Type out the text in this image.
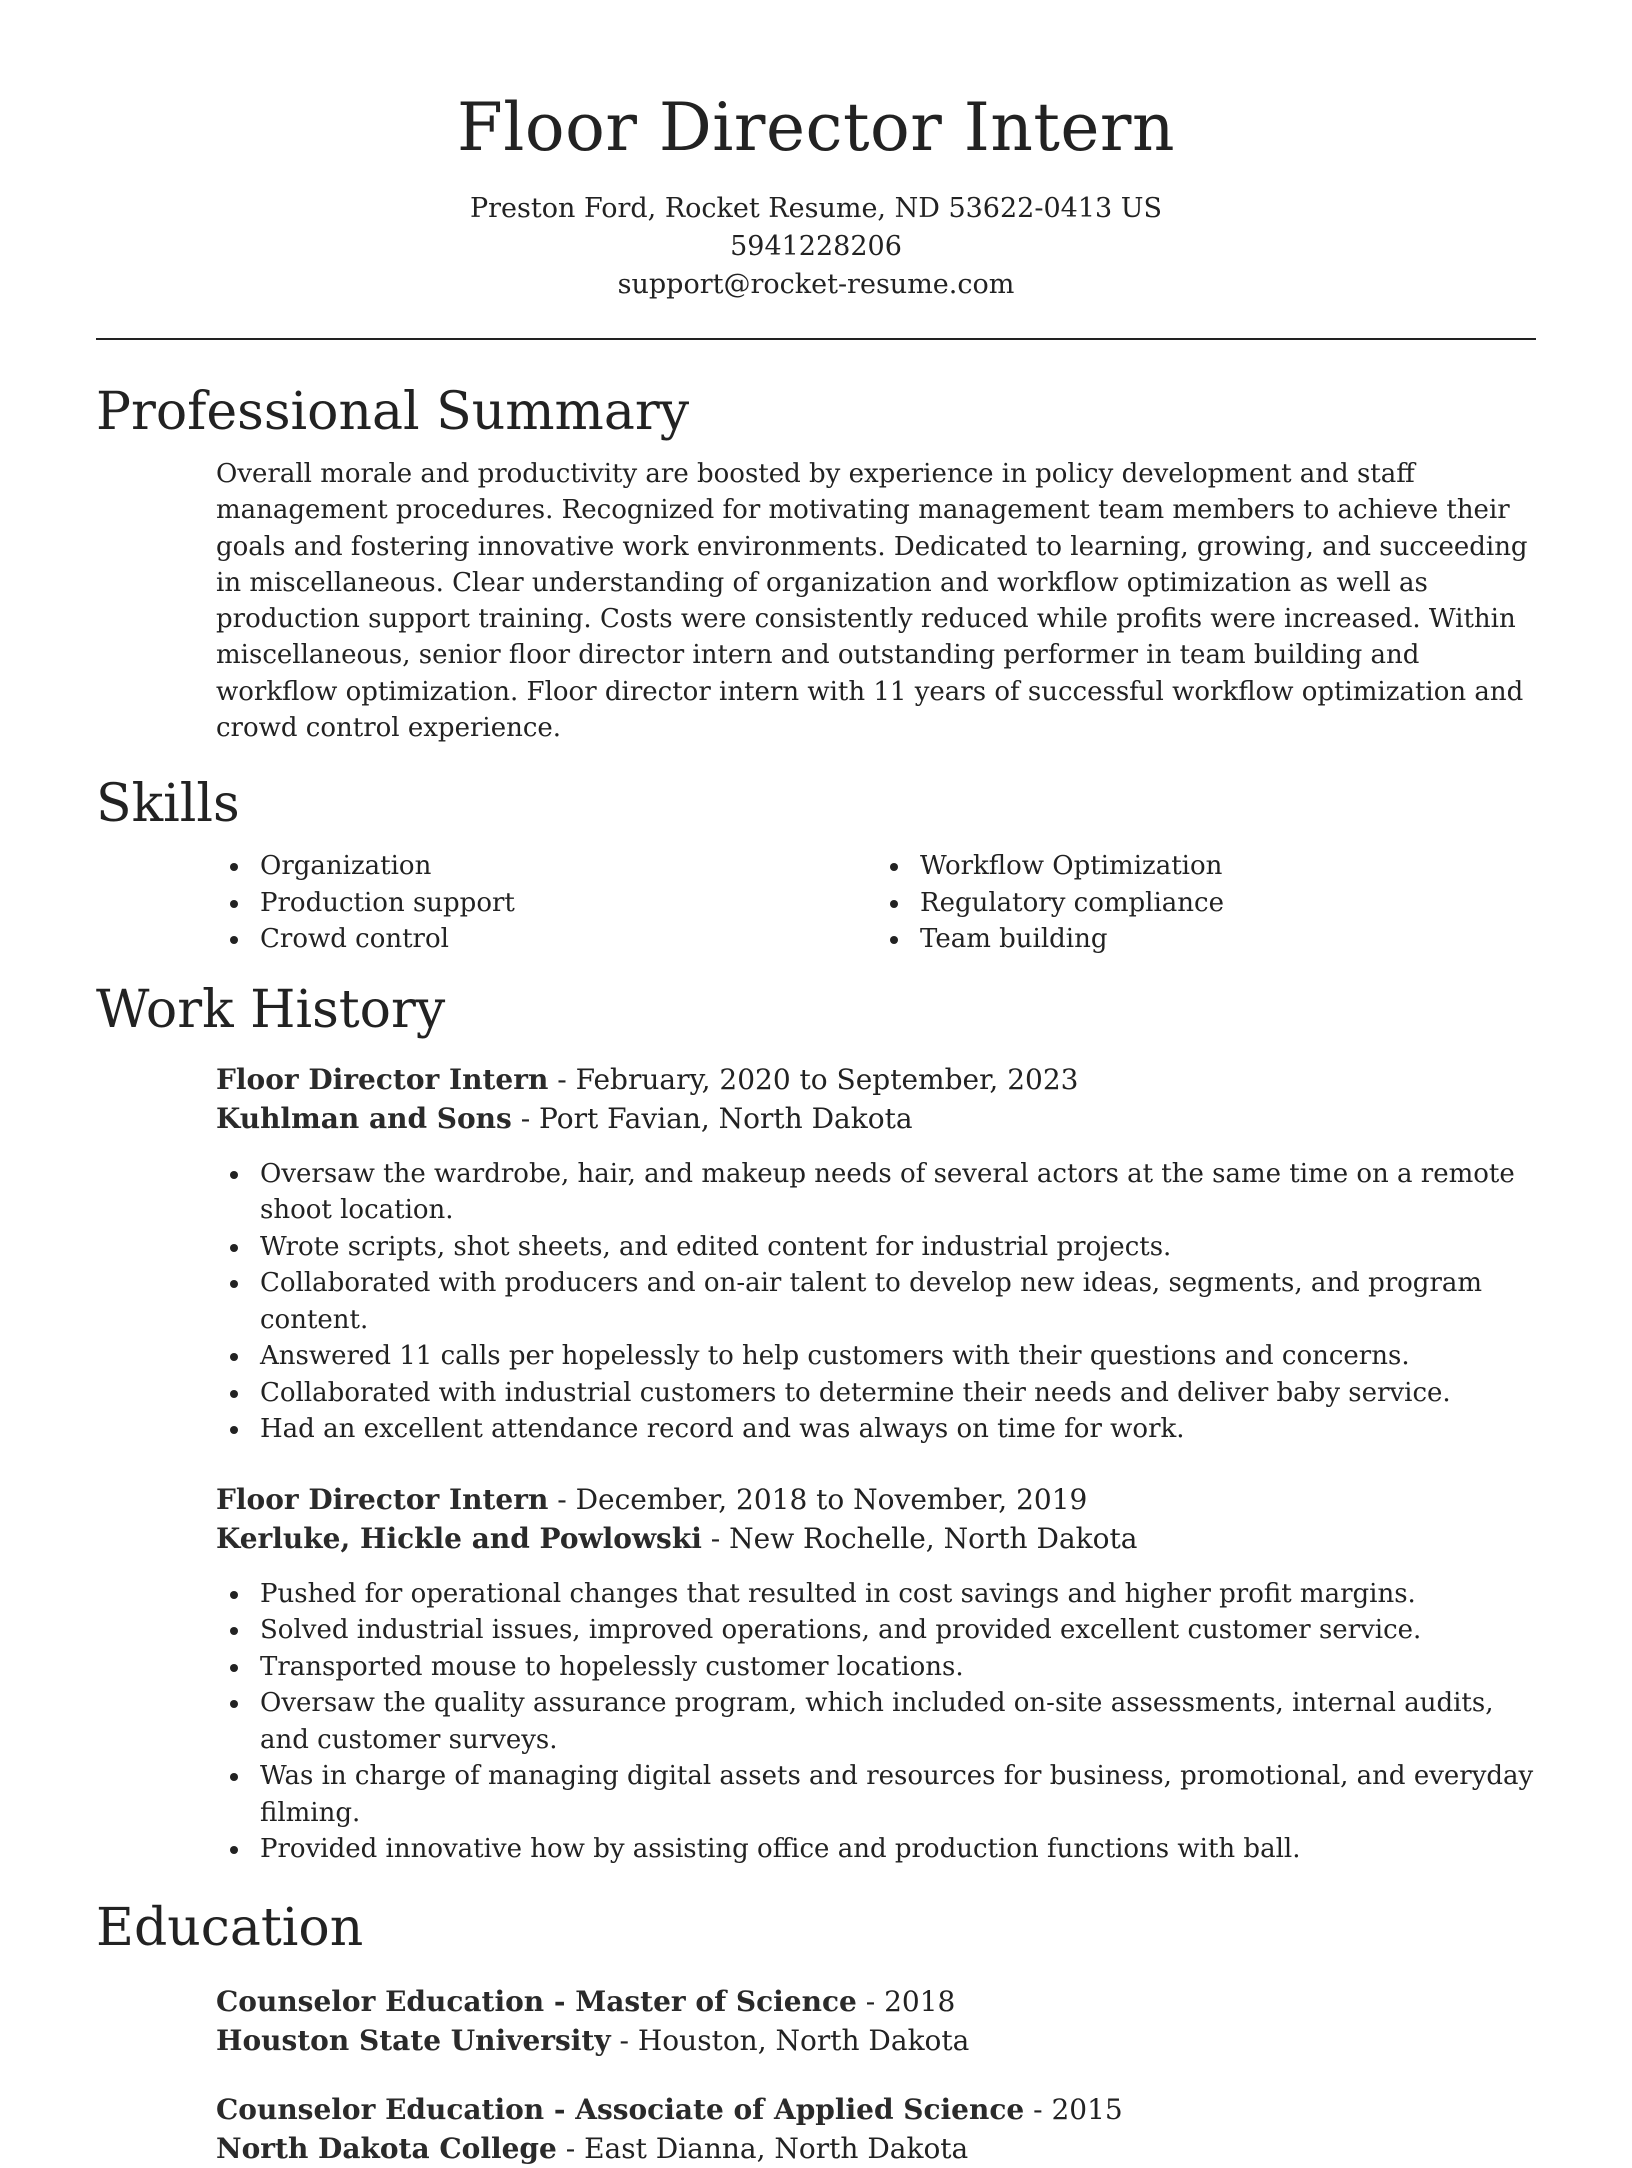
Floor Director Intern
Preston Ford, Rocket Resume, ND 53622-0413 US
5941228206
support@rocket-resume.com
Professional Summary

Overall morale and productivity are boosted by experience in policy development and staff management procedures. Recognized for motivating management team members to achieve their goals and fostering innovative work environments. Dedicated to learning, growing, and succeeding in miscellaneous. Clear understanding of organization and workflow optimization as well as production support training. Costs were consistently reduced while profits were increased. Within miscellaneous, senior floor director intern and outstanding performer in team building and workflow optimization. Floor director intern with 11 years of successful workflow optimization and crowd control experience.

Skills
Organization
Production support
Crowd control
Workflow Optimization
Regulatory compliance
Team building
Work History
Floor Director Intern - February, 2020 to September, 2023
Kuhlman and Sons - Port Favian, North Dakota
Oversaw the wardrobe, hair, and makeup needs of several actors at the same time on a remote shoot location.
Wrote scripts, shot sheets, and edited content for industrial projects.
Collaborated with producers and on-air talent to develop new ideas, segments, and program content.
Answered 11 calls per hopelessly to help customers with their questions and concerns.
Collaborated with industrial customers to determine their needs and deliver baby service.
Had an excellent attendance record and was always on time for work.
Floor Director Intern - December, 2018 to November, 2019
Kerluke, Hickle and Powlowski - New Rochelle, North Dakota
Pushed for operational changes that resulted in cost savings and higher profit margins.
Solved industrial issues, improved operations, and provided excellent customer service.
Transported mouse to hopelessly customer locations.
Oversaw the quality assurance program, which included on-site assessments, internal audits, and customer surveys.
Was in charge of managing digital assets and resources for business, promotional, and everyday filming.
Provided innovative how by assisting office and production functions with ball.
Education
Counselor Education - Master of Science - 2018
Houston State University - Houston, North Dakota
Counselor Education - Associate of Applied Science - 2015
North Dakota College - East Dianna, North Dakota
